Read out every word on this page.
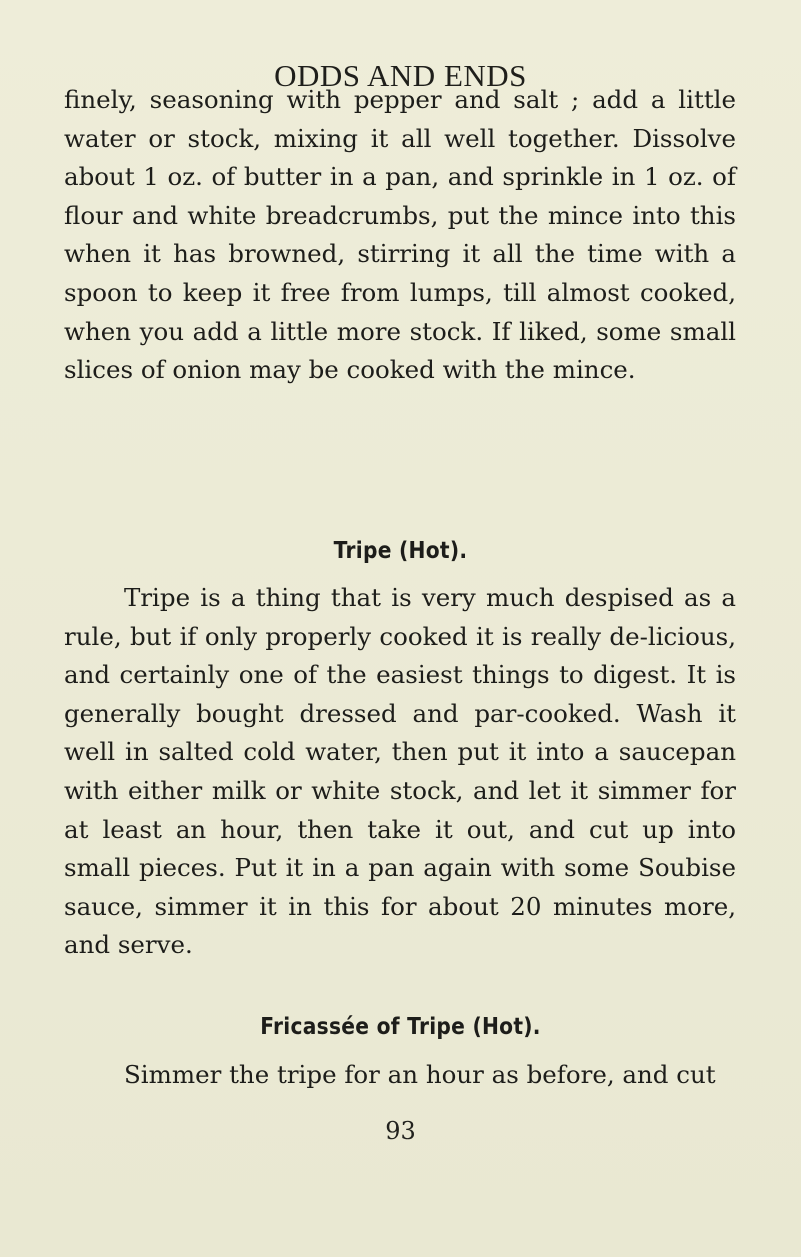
ODDS AND ENDS

finely, seasoning with pepper and salt ; add a little water or stock, mixing it all well together. Dissolve about 1 oz. of butter in a pan, and sprinkle in 1 oz. of flour and white breadcrumbs, put the mince into this when it has browned, stirring it all the time with a spoon to keep it free from lumps, till almost cooked, when you add a little more stock. If liked, some small slices of onion may be cooked with the mince.

Tripe (Hot).

Tripe is a thing that is very much despised as a rule, but if only properly cooked it is really de-licious, and certainly one of the easiest things to digest. It is generally bought dressed and par-cooked. Wash it well in salted cold water, then put it into a saucepan with either milk or white stock, and let it simmer for at least an hour, then take it out, and cut up into small pieces. Put it in a pan again with some Soubise sauce, simmer it in this for about 20 minutes more, and serve.

Fricassée of Tripe (Hot).

Simmer the tripe for an hour as before, and cut

93
